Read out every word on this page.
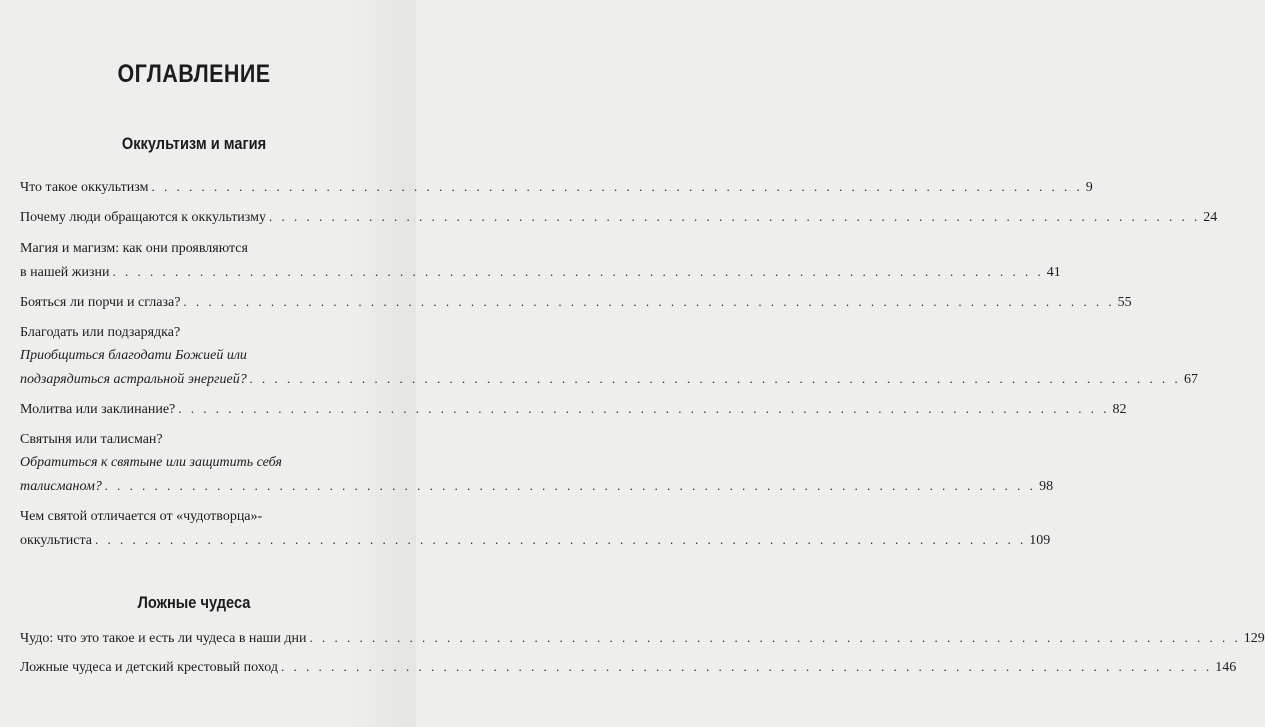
ОГЛАВЛЕНИЕ
Оккультизм и магия
Что такое оккультизм . . .	9
Почему люди обращаются к оккультизму . . .	24
Магия и магизм: как они проявляются
в нашей жизни . . .	41
Бояться ли порчи и сглаза? . . .	55
Благодать или подзарядка?
Приобщиться благодати Божией или
подзарядиться астральной энергией? . . .	67
Молитва или заклинание? . . .	82
Святыня или талисман?
Обратиться к святыне или защитить себя
талисманом? . . .	98
Чем святой отличается от «чудотворца»-
оккультиста . . .	109
Ложные чудеса
Чудо: что это такое и есть ли чудеса в наши дни . . .	129
Ложные чудеса и детский крестовый поход . . .	146
